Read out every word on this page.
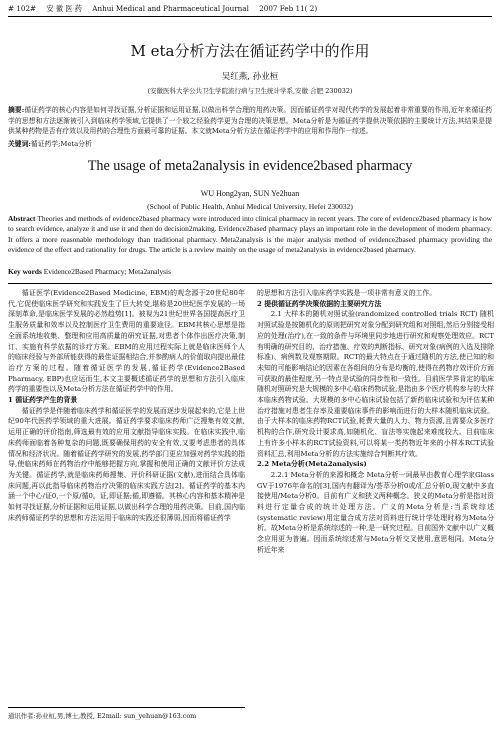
# 102# 安 徽 医 药 Anhui Medical and Pharmaceutical Journal 2007 Feb 11( 2)
M eta分析方法在循证药学中的作用
吴红燕, 孙业桓
(安徽医科大学公共卫生学院流行病与卫生统计学系,安徽 合肥 230032)
摘要:循证药学的核心内容是如何寻找证据,分析证据和运用证据,以做出科学合理的用药决策。因而循证药学对现代药学的发展起着非常重要的作用,近年来循证药学的思想和方法逐渐被引入到临床药学领域,它提供了一个较之经验药学更为合理的决策思想。Meta分析是为循证药学提供决策依据的主要统计方法,其结果是提供某种药物是否有疗效以及用药的合理性方面最可靠的证据。本文就Meta分析方法在循证药学中的应用和作用作一综述。
关键词:循证药学;Meta分析
The usage of meta2analysis in evidence2based pharmacy
WU Hong2yan, SUN Ye2huan
(School of Public Health, Anhui Medical University, Hefei 230032)
Abstract Theories and methods of evidence2based pharmacy were introduced into clinical pharmacy in recent years. The core of evidence2based pharmacy is how to search evidence, analyze it and use it and then do decision2making. Evidence2based pharmacy plays an important role in the development of modern pharmacy. It offers a more reasonable methodology than traditional pharmacy. Meta2analysis is the major analysis method of evidence2based pharmacy providing the evidence of the effect and rationality for drugs. The article is a review mainly on the usage of meta2analysis in evidence2based pharmacy.
Key words Evidence2Based Pharmacy; Meta2analysis

循证医学(Evidence2Based Medicine, EBM)的观念源于20世纪80年代,它促使临床医学研究和实践发生了巨大转变,堪称是20世纪医学发展的一场深刻革命,是临床医学发展的必然趋势[1]。被视为21世纪世界各国提高医疗卫生服务质量和效率以及控制医疗卫生费用的重要途径。EBM其核心思想是指全面系统地收集、整理和应用高质量的研究证据,对患者个体作出医疗决策,制订、实施有科学依据的诊疗方案。EBM的应用过程实际上就是临床医师个人的临床经验与外部所能获得的最佳证据相结合,并参酌病人的价值取向提出最佳治疗方案的过程。随着循证医学的发展,循证药学(Evidence2Based Pharmacy, EBP)也应运而生,本文主要概述循证药学的思想和方法引入临床药学的重要性以及Meta分析方法在循证药学中的作用。

1 循证药学产生的背景

循证药学是伴随着临床药学和循证医学的发展而逐步发展起来的,它是上世纪90年代医药学领域的重大进展。循证药学要求临床药师广泛搜集有效文献,运用正确的评价指南,筛选最有效的应用文献指导临床实践。在临床实践中,临床药师面临着各种复杂的问题,既要确保用药的安全有效,又要考虑患者的具体情况和经济状况。随着循证药学研究的发展,药学部门更应加强对药学实践的指导,使临床药师在药物治疗中能够把握方向,掌握和使用正确的文献评价方法成为关键。循证药学,就是临床药师搜集、评价科研证据(文献),进而结合具体临床问题,再以此指导临床药物治疗决策的临床实践方法[2]。循证药学的基本内涵一个中心/证0,一个原/循0。证,即证据;循,即遵循。其核心内容和基本精神是如何寻找证据,分析证据和运用证据,以做出科学合理的用药决策。目前,国内临床药师循证药学的思想和方法运用于临床的实践还很薄弱,因而将循证药学

的思想和方法引入临床药学实践是一项非常有意义的工作。

2 提供循证药学决策依据的主要研究方法

2.1 大样本的随机对照试验(randomized controlled trials RCT) 随机对照试验是按随机化的原则把研究对象分配到研究组和对照组,然后分别接受相应的处理(治疗),在一致的条件与环境里同步地进行研究和观察处理效应。RCT有明确的研究目的、治疗措施、疗效的判断指标、研究对象(病例的入选及排除标准)、病例数及观察期限。RCT的最大特点在于通过随机的方法,使已知的和未知的可能影响结论的因素在各组间的分布是均衡的,使得在药物疗效评价方面可获取的最佳程度,另一特点是试验的同步性和一致性。目前医学界肯定的临床随机对照研究是大规模的多中心临床药物试验,是指由多个医疗机构参与的大样本临床药物试验。大规模的多中心临床试验包括了新药临床试验和为评估某种治疗措施对患者生存率及重要临床事件的影响而进行的大样本随机临床试验。由于大样本的临床药物RCT试验,耗费大量的人力、物力资源,且需要众多医疗机构的合作,研究设计要求高,如随机化、盲法等实施起来难度较大。目前临床上有许多小样本的RCT试验资料,可以将某一类药物近年来的小样本RCT试验资料汇总,利用Meta分析的方法实施综合判断其疗效。

2.2 Meta分析(Meta2analysis)

2.2.1 Meta分析的来源和概念 Meta分析一词最早由教育心理学家Glass GV于1976年命名的[3],国内有翻译为/荟萃分析0或/汇总分析0,现文献中多直接使用/Meta分析0。目前有广义和狭义两种概念。狭义的Meta分析是指对资料进行定量合成的统计处理方法。广义的Meta分析是:当系统综述(systematic review)用定量合成方法对资料进行统计学处理时称为Meta分析。故Meta分析是系统综述的一种,是一研究过程。目前国外文献中以广义概念应用更为普遍。因而系统综述常与Meta分析交叉使用,意思相同。Meta分析近年来

通讯作者:孙业桓,男,博士,教授, E2mail: sun_yehuan@163.com
